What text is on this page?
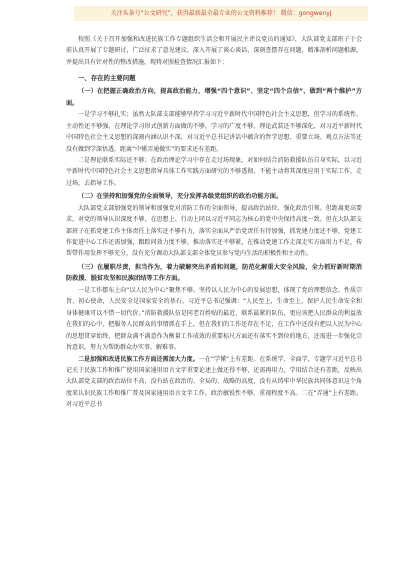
关注头条号“公文研究”，获得最新最全最专业的公文资料推荐！ 微信：gongwenyj

按照《关于召开加强和改进民族工作专题组织生活会和开展民主评议党员的通知》，大队部党支部班子于会前认真开展了专题研讨，广泛征求了意见建议，深入开展了谈心谈话，深刻查摆存在问题，精准剖析问题根源，并提出具有针对性的整改措施。现将对照检查情况汇报如下：

一、存在的主要问题

（一）在把握正确政治方向，提高政治能力，增强“四个意识”、坚定“四个自信”，做到“两个维护”方面。

一是学习不够扎实；虽然大队部支部能够坚持学习习近平新时代中国特色社会主义思想，但学习的系统性、主动性还不够强，在理论学习形式创新方面做的不够，学习的广度不够，理论武装还不够深化，对习近平新时代中国特色社会主义思想的深刻内涵认识不深，对习近平总书记讲话中蕴含的哲学思想、重要立场、观点方法等还没有做到学深悟透，距离“中懂弄通做实”的要求还有差距。

二是理论联系实际还不够；在政治理论学习中存在走过场现象，对如何结合消防救援队伍自身实际，以习近平新时代中国特色社会主义思想指导具体工作实践方面研究的不够透彻，不能主动将其深度应用于实际工作，走过场，去指导工作。

（二）在坚持和加强党的全面领导，充分发挥各级党组织的政治功能方面。

大队部党支部加强党的领导和加强党对消防工作的全面领导，提高政治站位、强化政治引领。但距离更高要求，对党的领导认识深度不够，在思想上、行动上同以习近平同志为核心的党中央保持高度一致。但在大队部支部班子在抓党建工作主体责任上落实还不够有力，落实全面从严治党责任有待加强，抓党建力度还不够，党建工作促进中心工作还需加强，跟踪问效力度不够，推动落实还不够紧，在推动党建工作走深走实方面用力不足，传帮带作用发挥不够充分，没有充分调动大队部支部全体党员参与党内生活的积极性和主动性。

（三）在履职尽责，担当作为，着力破解突出矛盾和问题，防范化解重大安全风险，全力抓好新时期消防救援、脱贫攻坚和民族团结等工作方面。

一是工作摆布上向“以人民为中心”聚焦不够。坚持以人民为中心的发展思想，体现了党的理想信念、性质宗旨、初心使命，人民安全是国家安全的基石。习近平总书记强调：“人民至上，生命至上，保护人民生命安全和身体健康可以不惜一切代价。”消防救援队伍是同老百姓贴的最近、联系最紧的队伍，更应该把人民群众的利益放在我们的心中，把服务人民群众的事情抓在手上，但在我们的工作还存在不足，在工作中还没有把以人民为中心的思想贯穿始终，把群众满不满意作为衡量工作成效的重要标尺方面还有落实不到位的地方，还需进一步强化宗旨意识，努力为帮助群众办实事、解难事。

二是加强和改进民族工作方面还需加大力度。一在“学懂”上有差距。在系统学、全面学，专题学习近平总书记关于民族工作和推广使用国家通用语言文字重要论述上做还得不够，还需再用力，学用结合还有差距，反映出大队部党支部的政治站位不高，没有站在政治的、全局的、战略的高度，没有从铸牢中华民族共同体意识这个角度来认识民族工作和推广普及国家通用语言文字工作，政治敏锐性不够，重视程度不高。二在“弄通”上有差距。对习近平总书
